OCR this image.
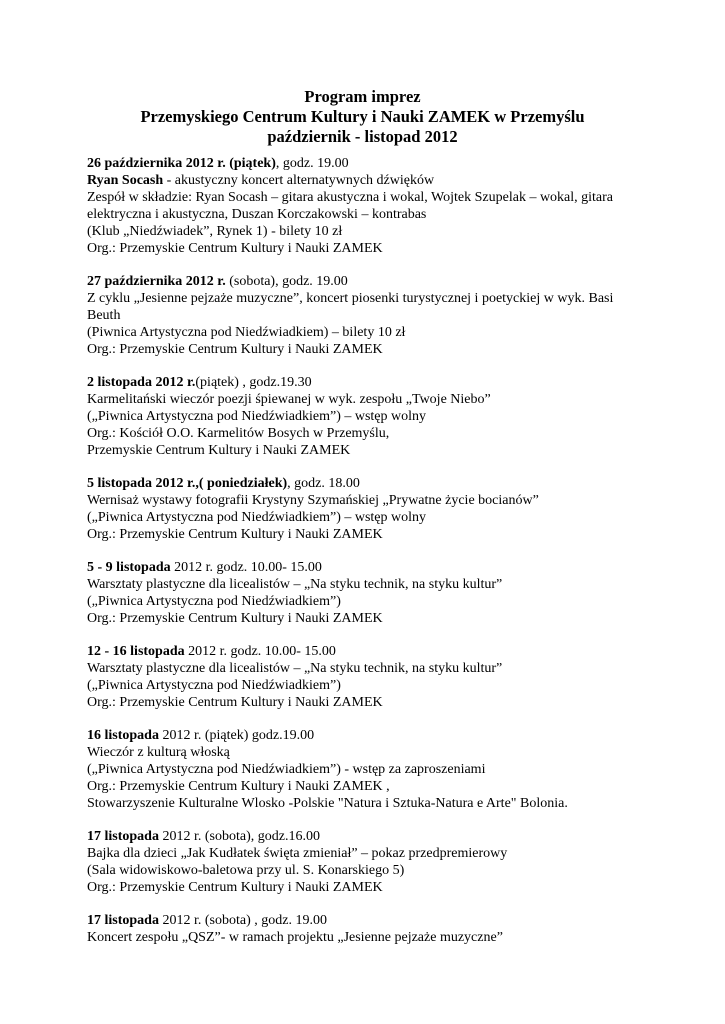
Program imprez
Przemyskiego Centrum Kultury i Nauki ZAMEK w Przemyślu
październik - listopad 2012
26 października 2012 r. (piątek), godz. 19.00
Ryan Socash - akustyczny koncert alternatywnych dźwięków
Zespół w składzie: Ryan Socash – gitara akustyczna i wokal, Wojtek Szupelak – wokal, gitara
elektryczna i akustyczna, Duszan Korczakowski – kontrabas
(Klub „Niedźwiadek”, Rynek 1) - bilety 10 zł
Org.: Przemyskie Centrum Kultury i Nauki ZAMEK
27 października 2012 r. (sobota), godz. 19.00
Z cyklu „Jesienne pejzaże muzyczne”, koncert piosenki turystycznej i poetyckiej w wyk. Basi
Beuth
(Piwnica Artystyczna pod Niedźwiadkiem) – bilety 10 zł
Org.: Przemyskie Centrum Kultury i Nauki ZAMEK
2 listopada 2012 r.(piątek) , godz.19.30
Karmelitański wieczór poezji śpiewanej w wyk. zespołu „Twoje Niebo”
(„Piwnica Artystyczna pod Niedźwiadkiem”) – wstęp wolny
Org.: Kościół O.O. Karmelitów Bosych w Przemyślu,
Przemyskie Centrum Kultury i Nauki ZAMEK
5 listopada 2012 r.,( poniedziałek), godz. 18.00
Wernisaż wystawy fotografii Krystyny Szymańskiej „Prywatne życie bocianów”
(„Piwnica Artystyczna pod Niedźwiadkiem”) – wstęp wolny
Org.: Przemyskie Centrum Kultury i Nauki ZAMEK
5 - 9 listopada 2012 r. godz. 10.00- 15.00
Warsztaty plastyczne dla licealistów – „Na styku technik, na styku kultur”
(„Piwnica Artystyczna pod Niedźwiadkiem”)
Org.: Przemyskie Centrum Kultury i Nauki ZAMEK
12 - 16 listopada 2012 r. godz. 10.00- 15.00
Warsztaty plastyczne dla licealistów – „Na styku technik, na styku kultur”
(„Piwnica Artystyczna pod Niedźwiadkiem”)
Org.: Przemyskie Centrum Kultury i Nauki ZAMEK
16 listopada 2012 r. (piątek) godz.19.00
Wieczór z kulturą włoską
(„Piwnica Artystyczna pod Niedźwiadkiem”) - wstęp za zaproszeniami
Org.: Przemyskie Centrum Kultury i Nauki ZAMEK ,
Stowarzyszenie Kulturalne Wlosko -Polskie "Natura i Sztuka-Natura e Arte" Bolonia.
17 listopada 2012 r. (sobota), godz.16.00
Bajka dla dzieci „Jak Kudłatek święta zmieniał” – pokaz przedpremierowy
(Sala widowiskowo-baletowa przy ul. S. Konarskiego 5)
Org.: Przemyskie Centrum Kultury i Nauki ZAMEK
17 listopada 2012 r. (sobota) , godz. 19.00
Koncert zespołu „QSZ”- w ramach projektu „Jesienne pejzaże muzyczne”
